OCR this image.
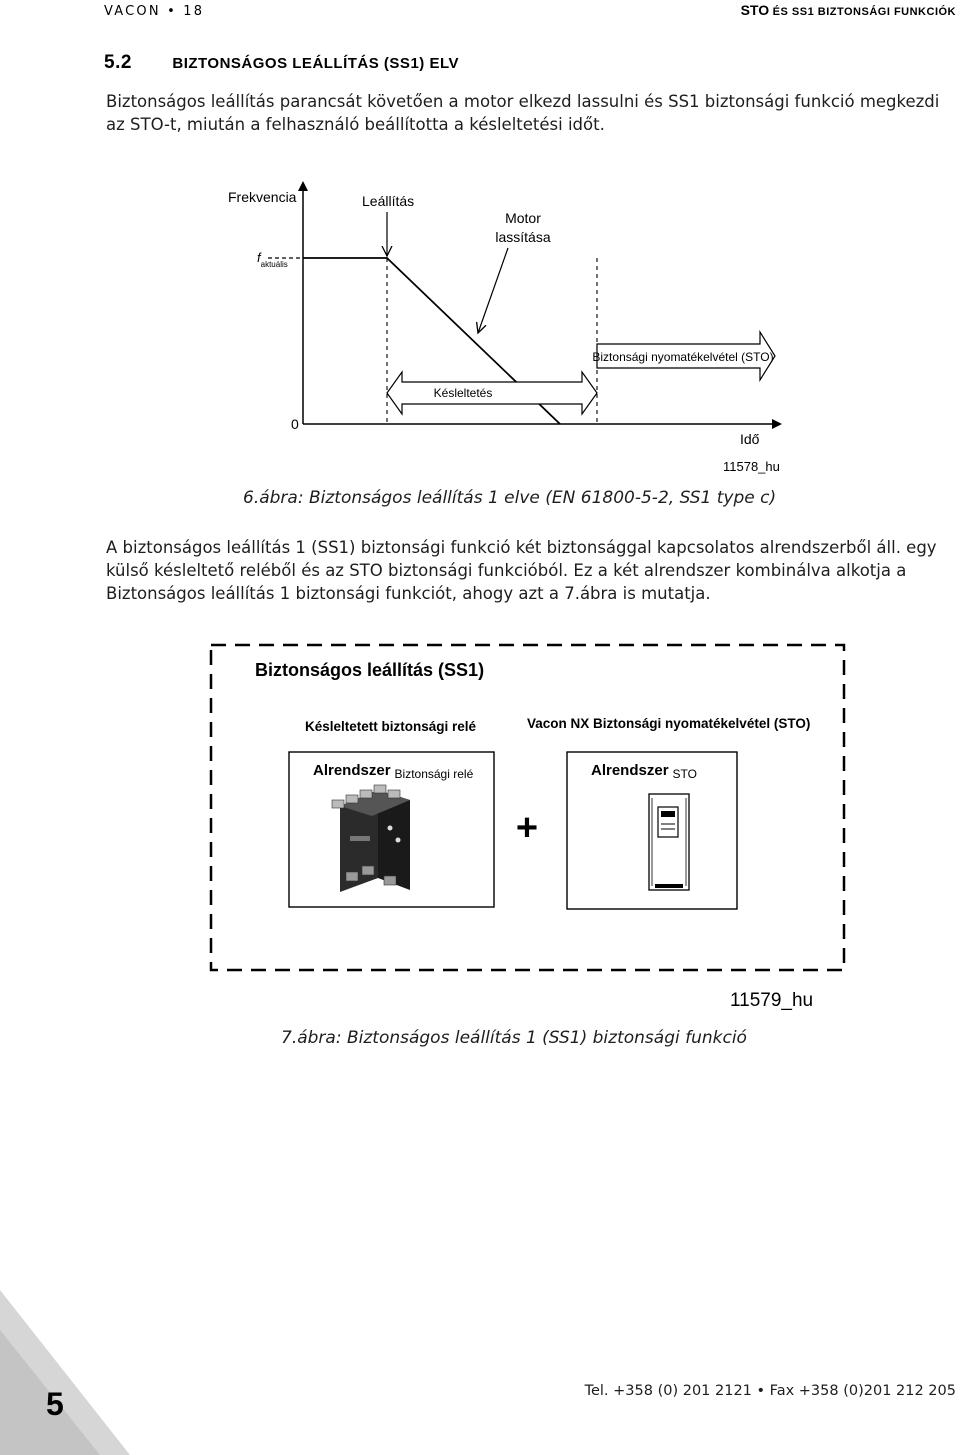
VACON • 18	STO ÉS SS1 BIZTONSÁGI FUNKCIÓK
5.2	BIZTONSÁGOS LEÁLLÍTÁS (SS1) ELV
Biztonságos leállítás parancsát követően a motor elkezd lassulni és SS1 biztonsági funkció megkezdi az STO-t, miután a felhasználó beállította a késleltetési időt.
Frekvencia
$f_{aktuális}$
Leállítás
Motor
lassítása
Biztonsági nyomatékelvétel (STO)
Késleltetés
0
Idő
11578_hu
6.ábra: Biztonságos leállítás 1 elve (EN 61800-5-2, SS1 type c)
A biztonságos leállítás 1 (SS1) biztonsági funkció két biztonsággal kapcsolatos alrendszerből áll. egy külső késleltető reléből és az STO biztonsági funkcióból. Ez a két alrendszer kombinálva alkotja a Biztonságos leállítás 1 biztonsági funkciót, ahogy azt a 7.ábra is mutatja.
Biztonságos leállítás (SS1)
Késleltetett biztonsági relé	Vacon NX Biztonsági nyomatékelvétel (STO)
Alrendszer Biztonsági relé
+
Alrendszer STO
11579_hu
7.ábra: Biztonságos leállítás 1 (SS1) biztonsági funkció
5	Tel. +358 (0) 201 2121 • Fax +358 (0)201 212 205
